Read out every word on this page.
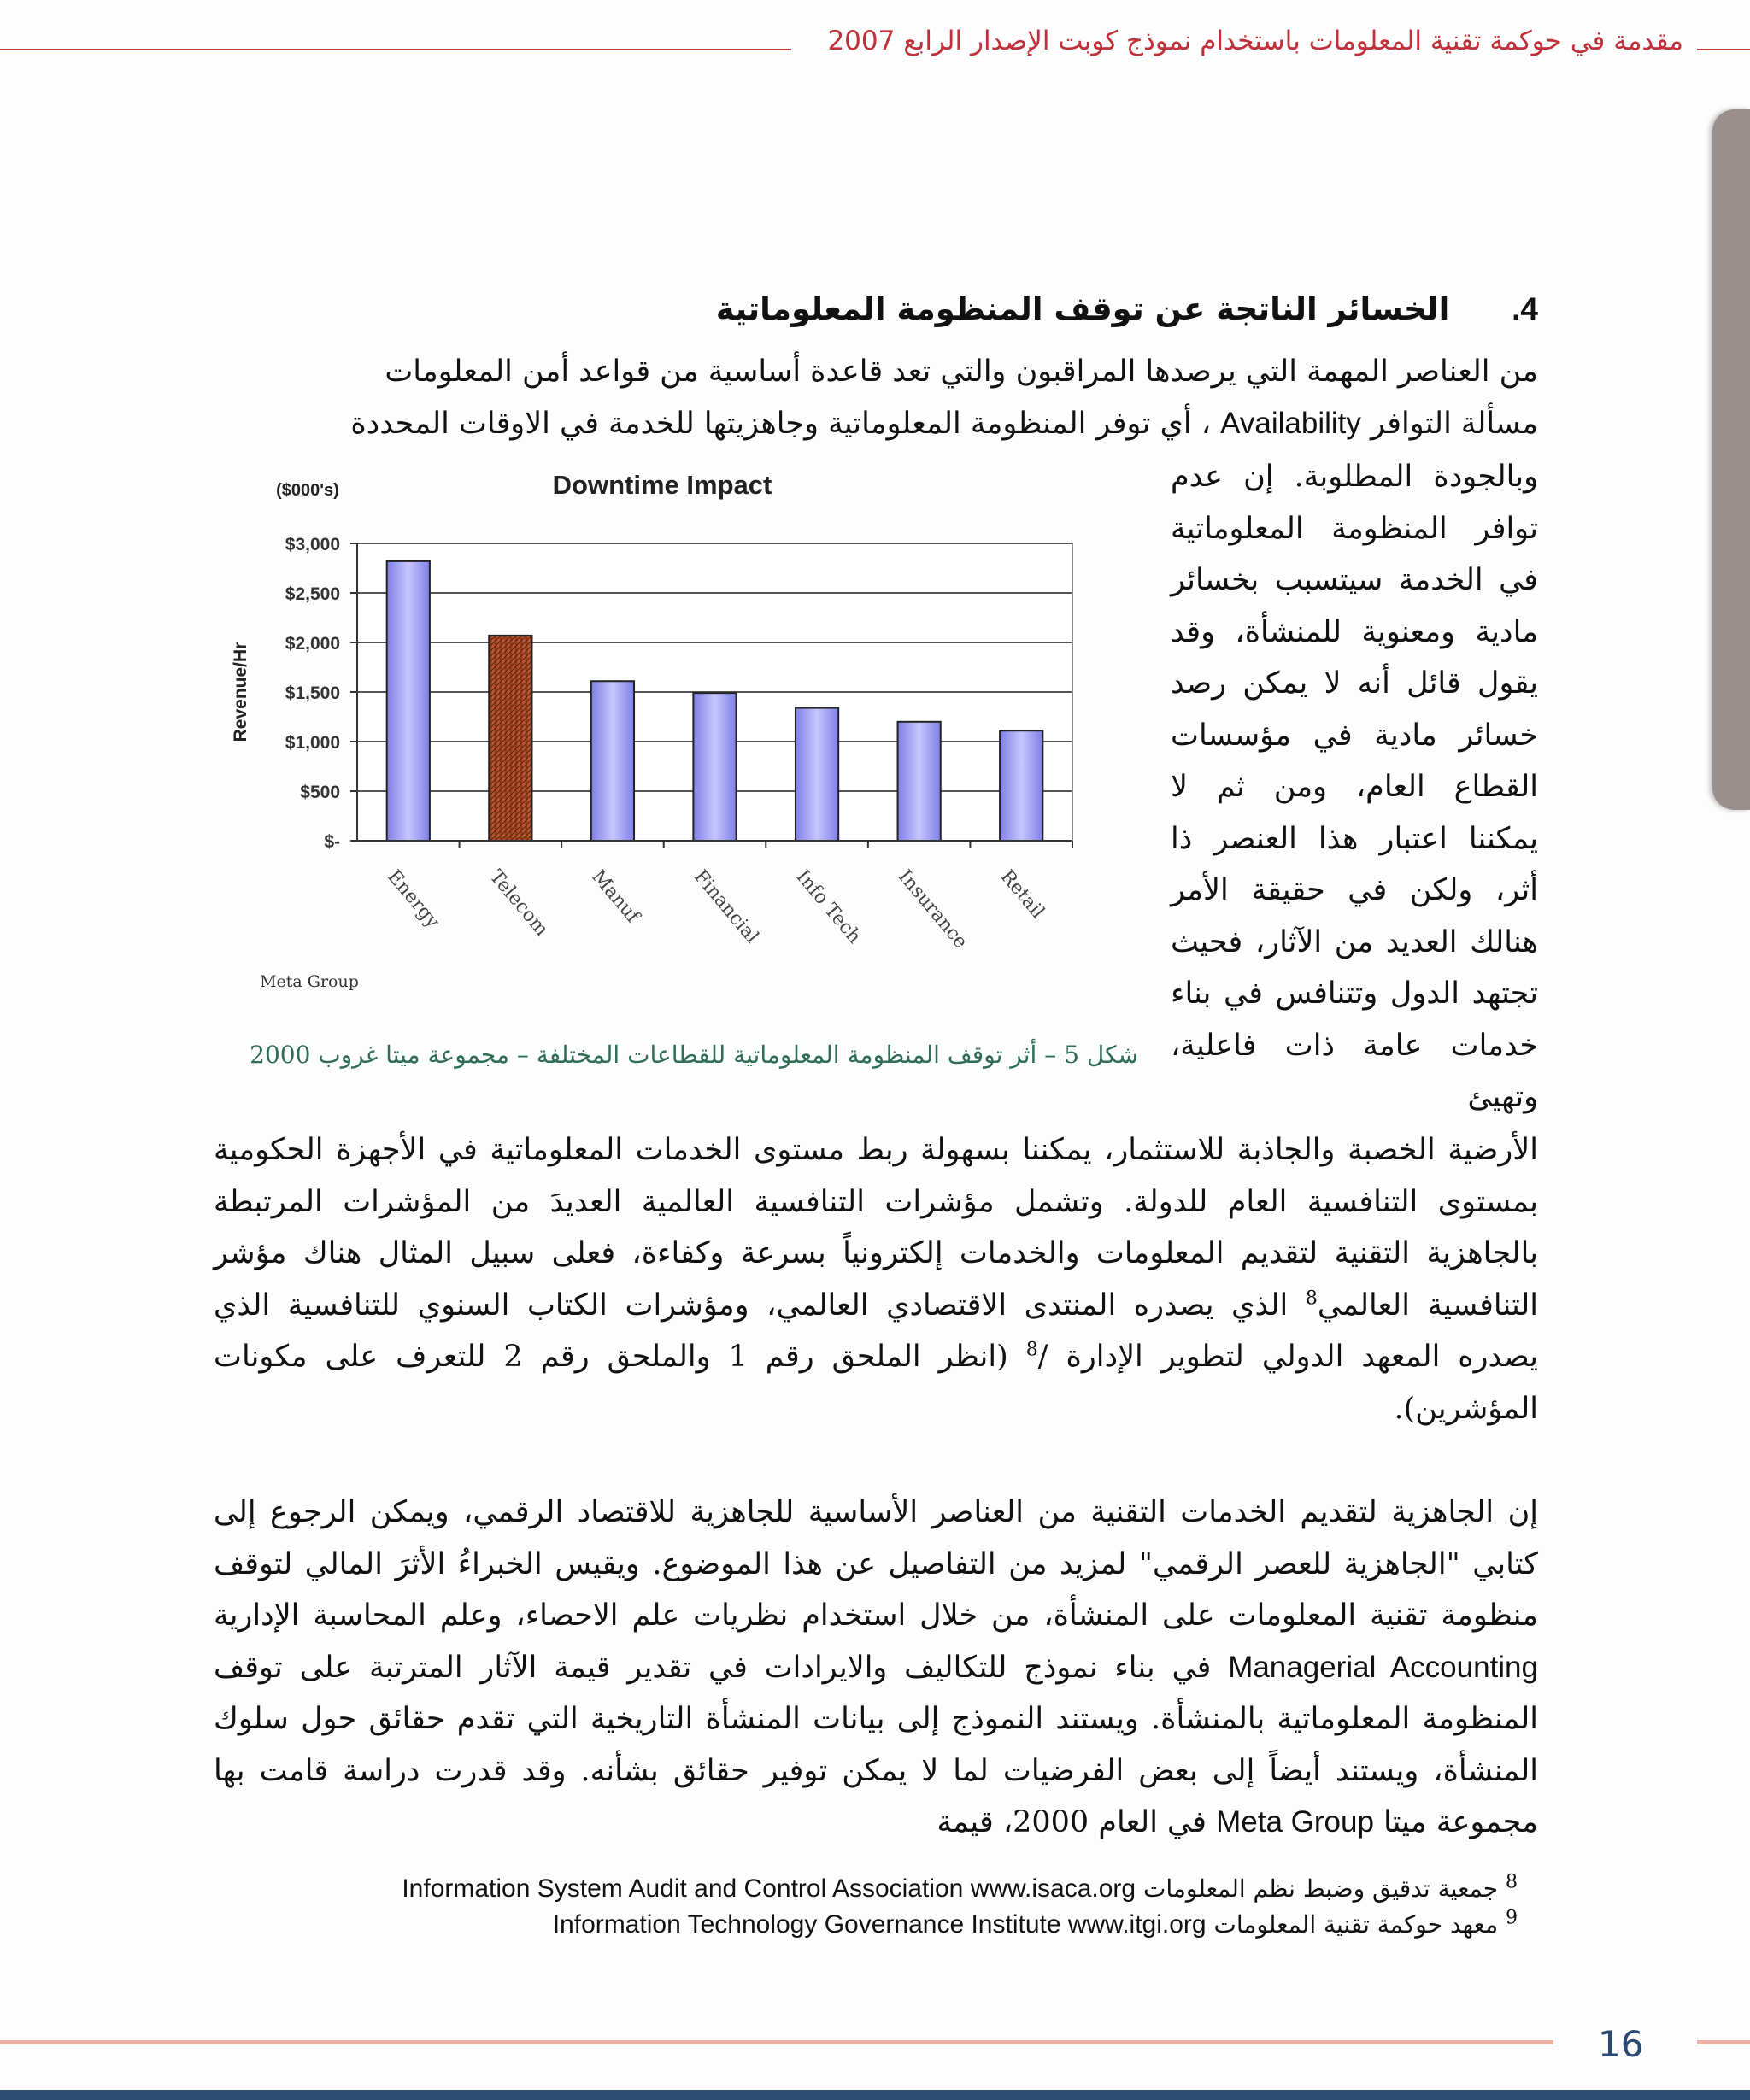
مقدمة في حوكمة تقنية المعلومات باستخدام نموذج كوبت الإصدار الرابع 2007
4. الخسائر الناتجة عن توقف المنظومة المعلوماتية

من العناصر المهمة التي يرصدها المراقبون والتي تعد قاعدة أساسية من قواعد أمن المعلومات

مسألة التوافر Availability ، أي توفر المنظومة المعلوماتية وجاهزيتها للخدمة في الاوقات المحددة

وبالجودة المطلوبة. إن عدم توافر المنظومة المعلوماتية في الخدمة سيتسبب بخسائر مادية ومعنوية للمنشأة، وقد يقول قائل أنه لا يمكن رصد خسائر مادية في مؤسسات القطاع العام، ومن ثم لا يمكننا اعتبار هذا العنصر ذا أثر، ولكن في حقيقة الأمر هنالك العديد من الآثار، فحيث تجتهد الدول وتتنافس في بناء خدمات عامة ذات فاعلية، وتهيئ

Downtime Impact
($000's)
Revenue/Hr
Meta Group
$-
$500
$1,000
$1,500
$2,000
$2,500
$3,000
Energy Telecom Manuf Financial Info Tech Insurance Retail
شكل 5 – أثر توقف المنظومة المعلوماتية للقطاعات المختلفة – مجموعة ميتا غروب 2000

الأرضية الخصبة والجاذبة للاستثمار، يمكننا بسهولة ربط مستوى الخدمات المعلوماتية في الأجهزة الحكومية بمستوى التنافسية العام للدولة. وتشمل مؤشرات التنافسية العالمية العديدَ من المؤشرات المرتبطة بالجاهزية التقنية لتقديم المعلومات والخدمات إلكترونياً بسرعة وكفاءة، فعلى سبيل المثال هناك مؤشر التنافسية العالمي$^8$ الذي يصدره المنتدى الاقتصادي العالمي، ومؤشرات الكتاب السنوي للتنافسية الذي يصدره المعهد الدولي لتطوير الإدارة /$^8$ (انظر الملحق رقم 1 والملحق رقم 2 للتعرف على مكونات المؤشرين).

إن الجاهزية لتقديم الخدمات التقنية من العناصر الأساسية للجاهزية للاقتصاد الرقمي، ويمكن الرجوع إلى كتابي "الجاهزية للعصر الرقمي" لمزيد من التفاصيل عن هذا الموضوع. ويقيس الخبراءُ الأثرَ المالي لتوقف منظومة تقنية المعلومات على المنشأة، من خلال استخدام نظريات علم الاحصاء، وعلم المحاسبة الإدارية Managerial Accounting في بناء نموذج للتكاليف والايرادات في تقدير قيمة الآثار المترتبة على توقف المنظومة المعلوماتية بالمنشأة. ويستند النموذج إلى بيانات المنشأة التاريخية التي تقدم حقائق حول سلوك المنشأة، ويستند أيضاً إلى بعض الفرضيات لما لا يمكن توفير حقائق بشأنه. وقد قدرت دراسة قامت بها مجموعة ميتا Meta Group في العام 2000، قيمة

$^8$ جمعية تدقيق وضبط نظم المعلومات Information System Audit and Control Association www.isaca.org
$^9$ معهد حوكمة تقنية المعلومات Information Technology Governance Institute www.itgi.org
16
